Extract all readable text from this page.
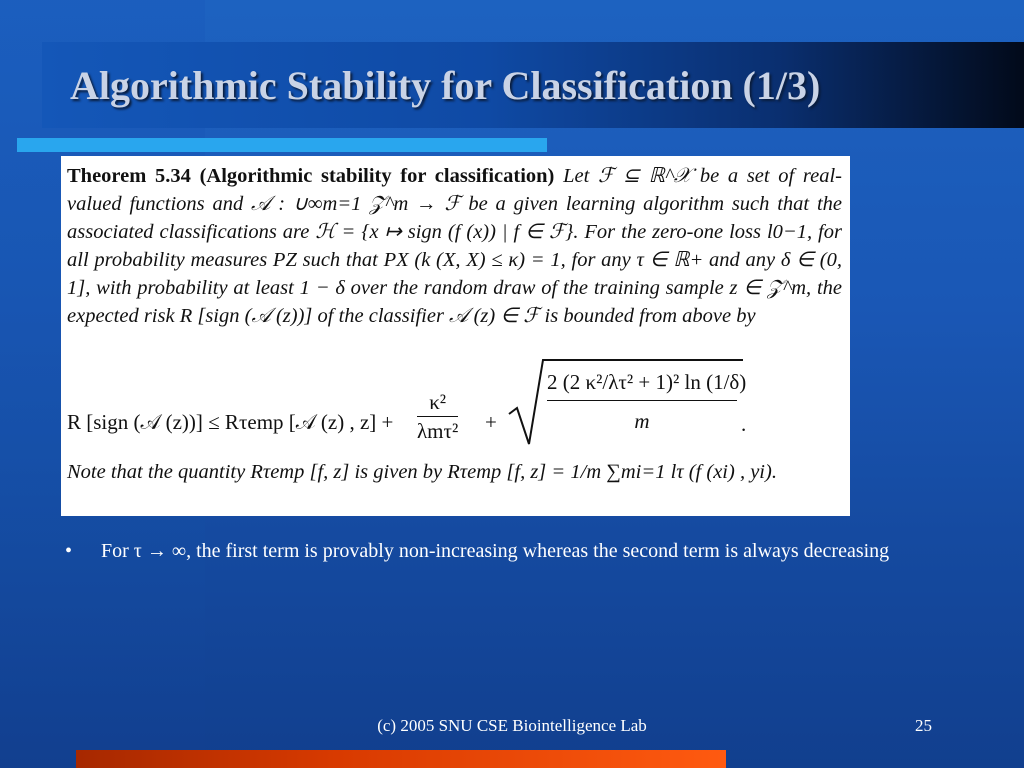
Algorithmic Stability for Classification (1/3)

Theorem 5.34 (Algorithmic stability for classification) Let ℱ ⊆ ℝ^𝒳 be a set of real-valued functions and 𝒜 : ∪∞m=1 𝒵^m → ℱ be a given learning algorithm such that the associated classifications are ℋ = {x ↦ sign (f (x)) | f ∈ ℱ}. For the zero-one loss l0−1, for all probability measures PZ such that PX (k (X, X) ≤ κ) = 1, for any τ ∈ ℝ+ and any δ ∈ (0, 1], with probability at least 1 − δ over the random draw of the training sample z ∈ 𝒵^m, the expected risk R [sign (𝒜 (z))] of the classifier 𝒜 (z) ∈ ℱ is bounded from above by

R [sign (𝒜 (z))] ≤ Rτemp [𝒜 (z) , z] +
κ²
$\lambda m\tau^2 + \frac{\text{2 (2 κ²/λτ² + 1)² ln (1/δ)}}{m}$ .

Note that the quantity Rτemp [f, z] is given by Rτemp [f, z] = 1/m ∑mi=1 lτ (f (xi) , yi).

• For τ → ∞, the first term is provably non-increasing whereas the second term is always decreasing
(c) 2005 SNU CSE Biointelligence Lab	25
